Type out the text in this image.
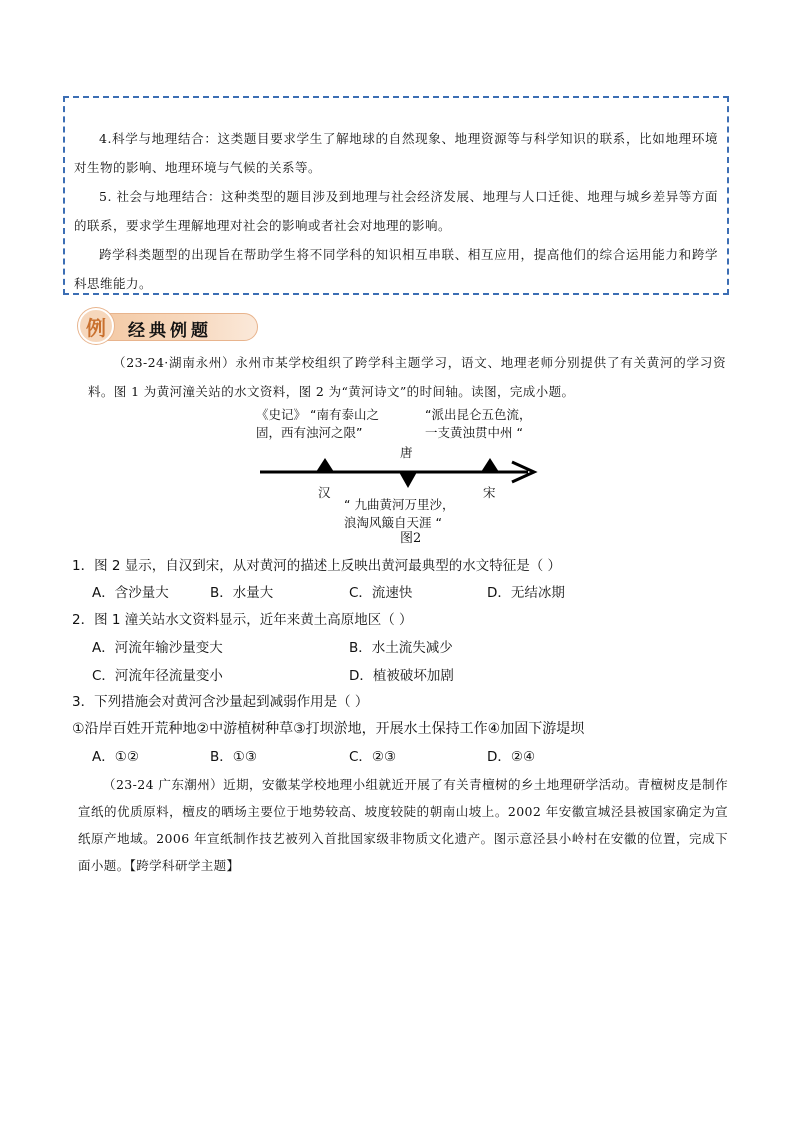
4.科学与地理结合：这类题目要求学生了解地球的自然现象、地理资源等与科学知识的联系，比如地理环境对生物的影响、地理环境与气候的关系等。

5. 社会与地理结合：这种类型的题目涉及到地理与社会经济发展、地理与人口迁徙、地理与城乡差异等方面的联系，要求学生理解地理对社会的影响或者社会对地理的影响。

跨学科类题型的出现旨在帮助学生将不同学科的知识相互串联、相互应用，提高他们的综合运用能力和跨学科思维能力。

例	经典例题
（23-24·湖南永州）永州市某学校组织了跨学科主题学习，语文、地理老师分别提供了有关黄河的学习资料。图 1 为黄河潼关站的水文资料，图 2 为“黄河诗文”的时间轴。读图，完成小题。
《史记》 “南有泰山之
固，西有浊河之限”
“派出昆仑五色流，
一支黄浊贯中州 “
唐
汉	宋
“ 九曲黄河万里沙，
浪淘风簸自天涯 “
图2
1．图 2 显示，自汉到宋，从对黄河的描述上反映出黄河最典型的水文特征是（ ）
A．含沙量大	B．水量大	C．流速快	D．无结冰期
2．图 1 潼关站水文资料显示，近年来黄土高原地区（ ）
A．河流年输沙量变大	B．水土流失减少
C．河流年径流量变小	D．植被破坏加剧
3．下列措施会对黄河含沙量起到减弱作用是（ ）
①沿岸百姓开荒种地②中游植树种草③打坝淤地，开展水土保持工作④加固下游堤坝
A．①②	B．①③	C．②③	D．②④
（23-24 广东潮州）近期，安徽某学校地理小组就近开展了有关青檀树的乡土地理研学活动。青檀树皮是制作宣纸的优质原料，檀皮的晒场主要位于地势较高、坡度较陡的朝南山坡上。2002 年安徽宣城泾县被国家确定为宣纸原产地域。2006 年宣纸制作技艺被列入首批国家级非物质文化遗产。图示意泾县小岭村在安徽的位置，完成下面小题。【跨学科研学主题】
